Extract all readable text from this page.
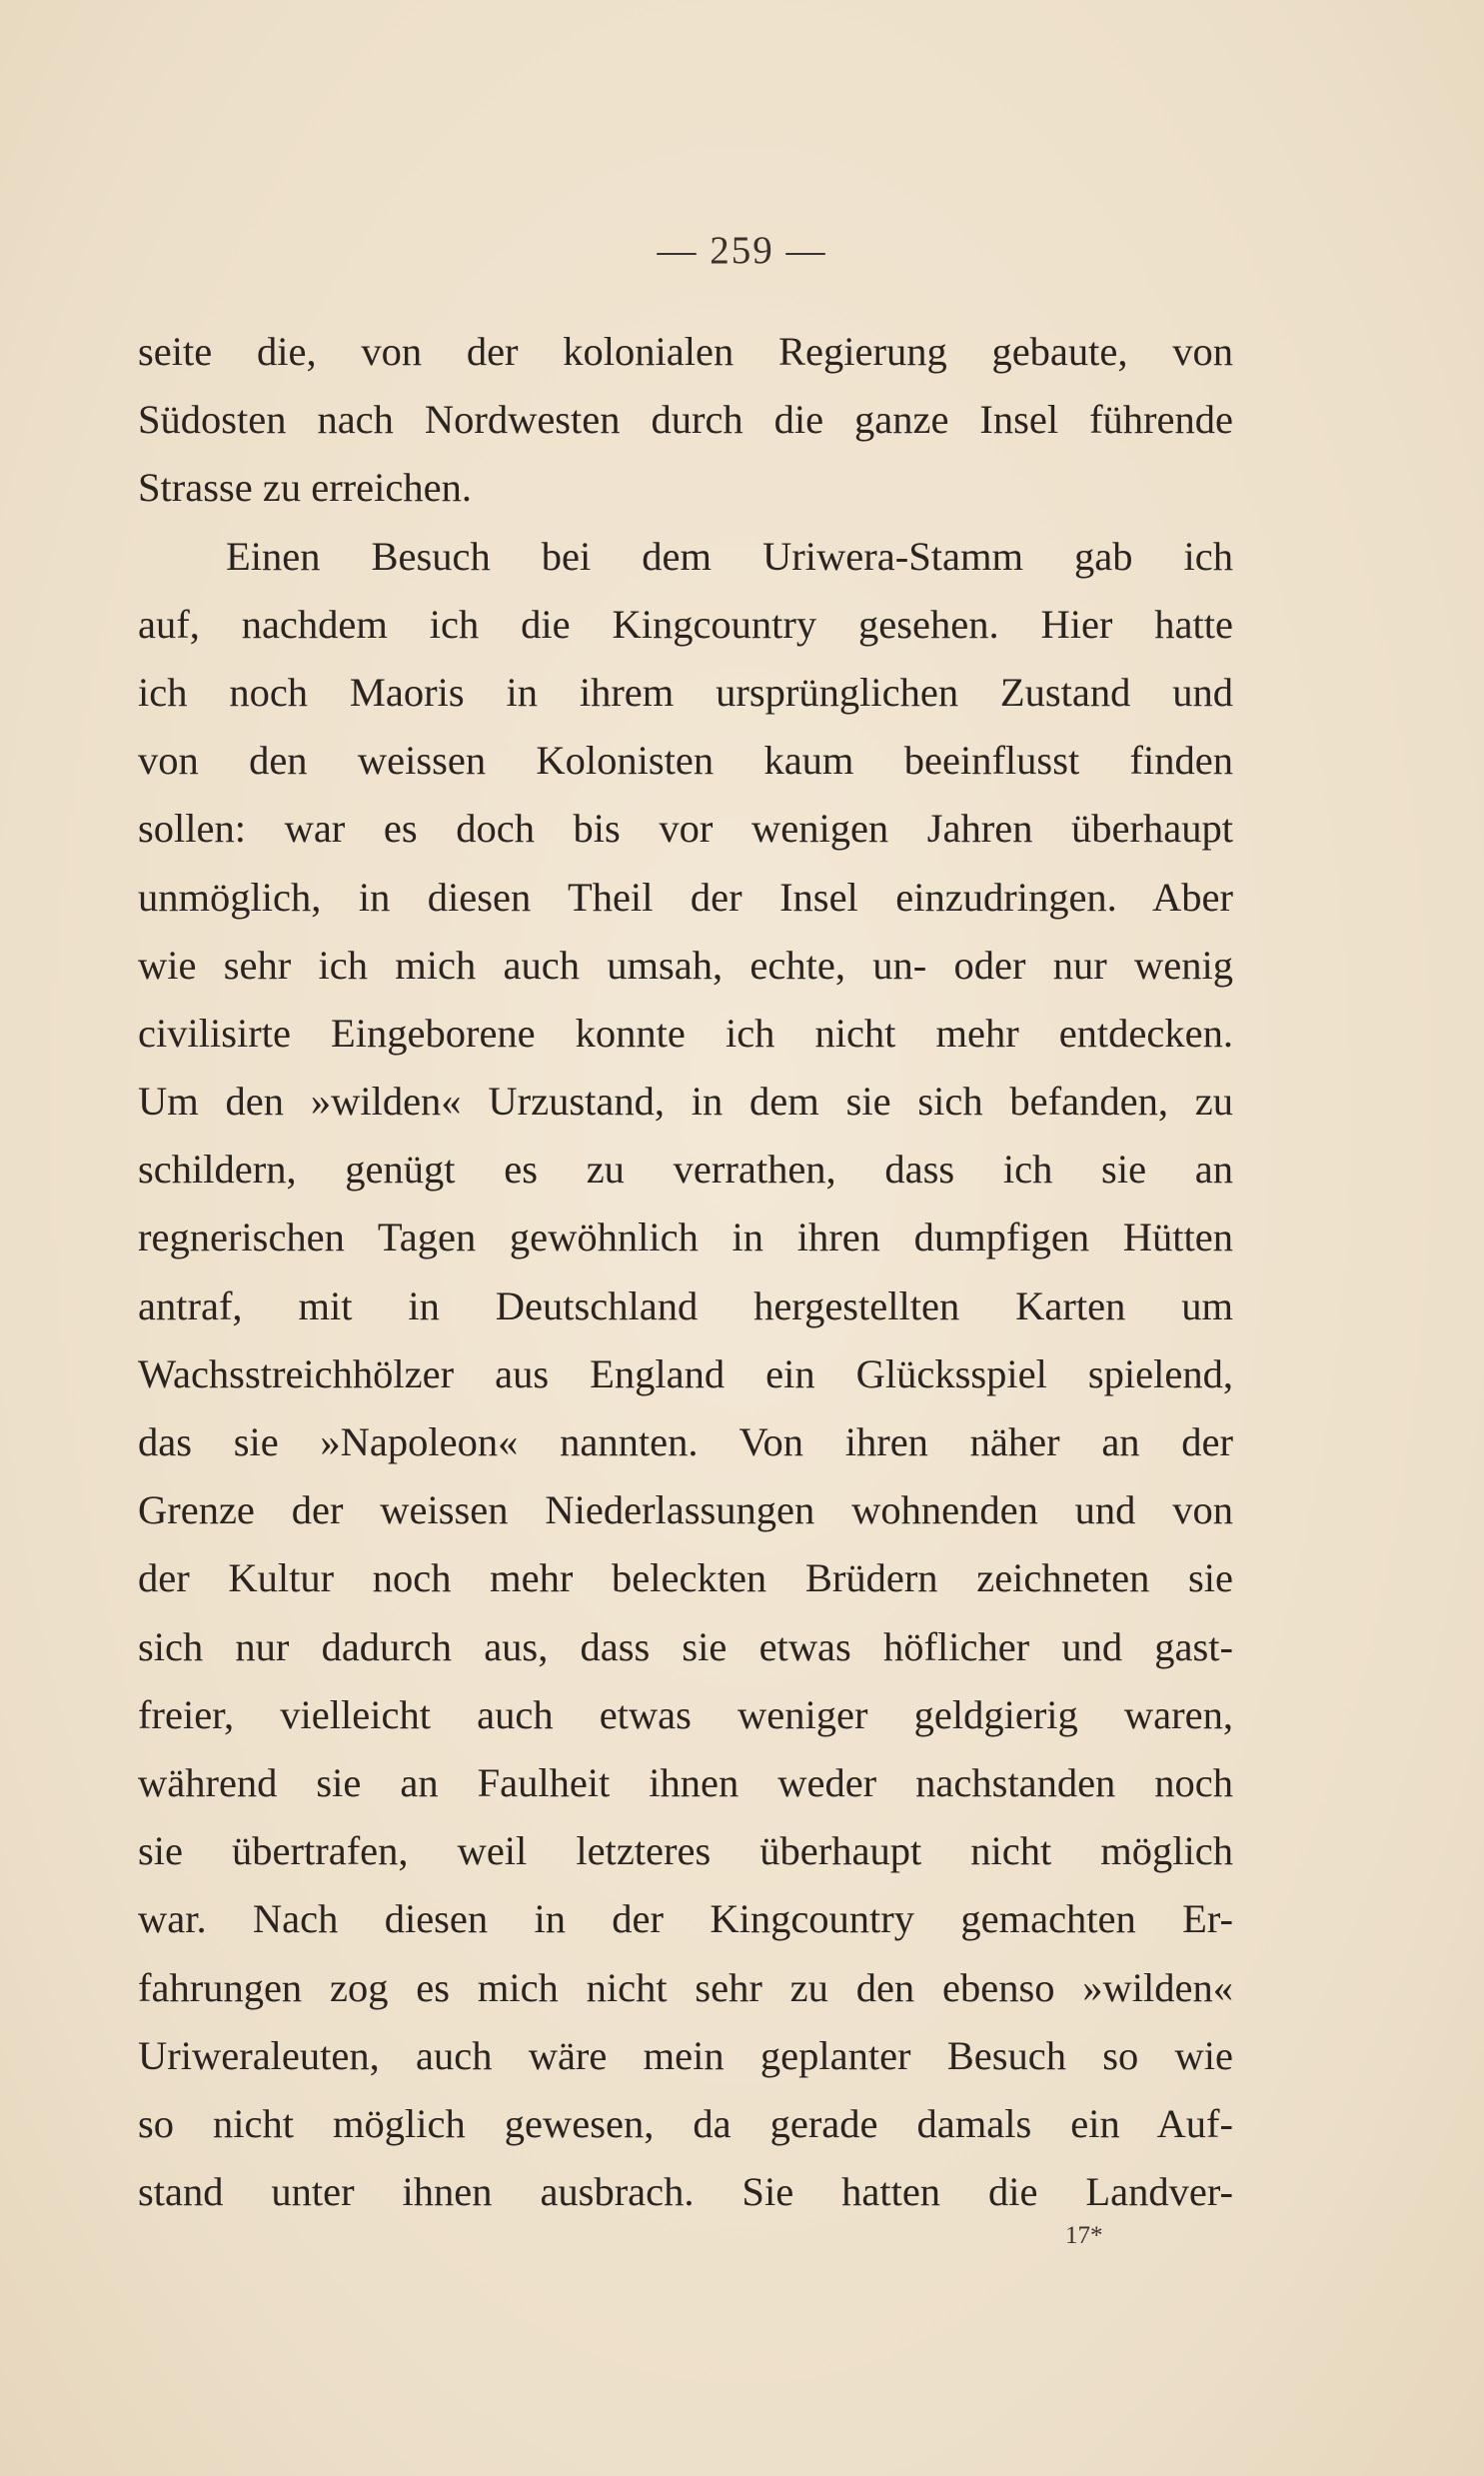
— 259 —
seite die, von der kolonialen Regierung gebaute, von
Südosten nach Nordwesten durch die ganze Insel führende
Strasse zu erreichen.
Einen Besuch bei dem Uriwera-Stamm gab ich
auf, nachdem ich die Kingcountry gesehen. Hier hatte
ich noch Maoris in ihrem ursprünglichen Zustand und
von den weissen Kolonisten kaum beeinflusst finden
sollen: war es doch bis vor wenigen Jahren überhaupt
unmöglich, in diesen Theil der Insel einzudringen. Aber
wie sehr ich mich auch umsah, echte, un- oder nur wenig
civilisirte Eingeborene konnte ich nicht mehr entdecken.
Um den »wilden« Urzustand, in dem sie sich befanden, zu
schildern, genügt es zu verrathen, dass ich sie an
regnerischen Tagen gewöhnlich in ihren dumpfigen Hütten
antraf, mit in Deutschland hergestellten Karten um
Wachsstreichhölzer aus England ein Glücksspiel spielend,
das sie »Napoleon« nannten. Von ihren näher an der
Grenze der weissen Niederlassungen wohnenden und von
der Kultur noch mehr beleckten Brüdern zeichneten sie
sich nur dadurch aus, dass sie etwas höflicher und gast-
freier, vielleicht auch etwas weniger geldgierig waren,
während sie an Faulheit ihnen weder nachstanden noch
sie übertrafen, weil letzteres überhaupt nicht möglich
war. Nach diesen in der Kingcountry gemachten Er-
fahrungen zog es mich nicht sehr zu den ebenso »wilden«
Uriweraleuten, auch wäre mein geplanter Besuch so wie
so nicht möglich gewesen, da gerade damals ein Auf-
stand unter ihnen ausbrach. Sie hatten die Landver-
17*
